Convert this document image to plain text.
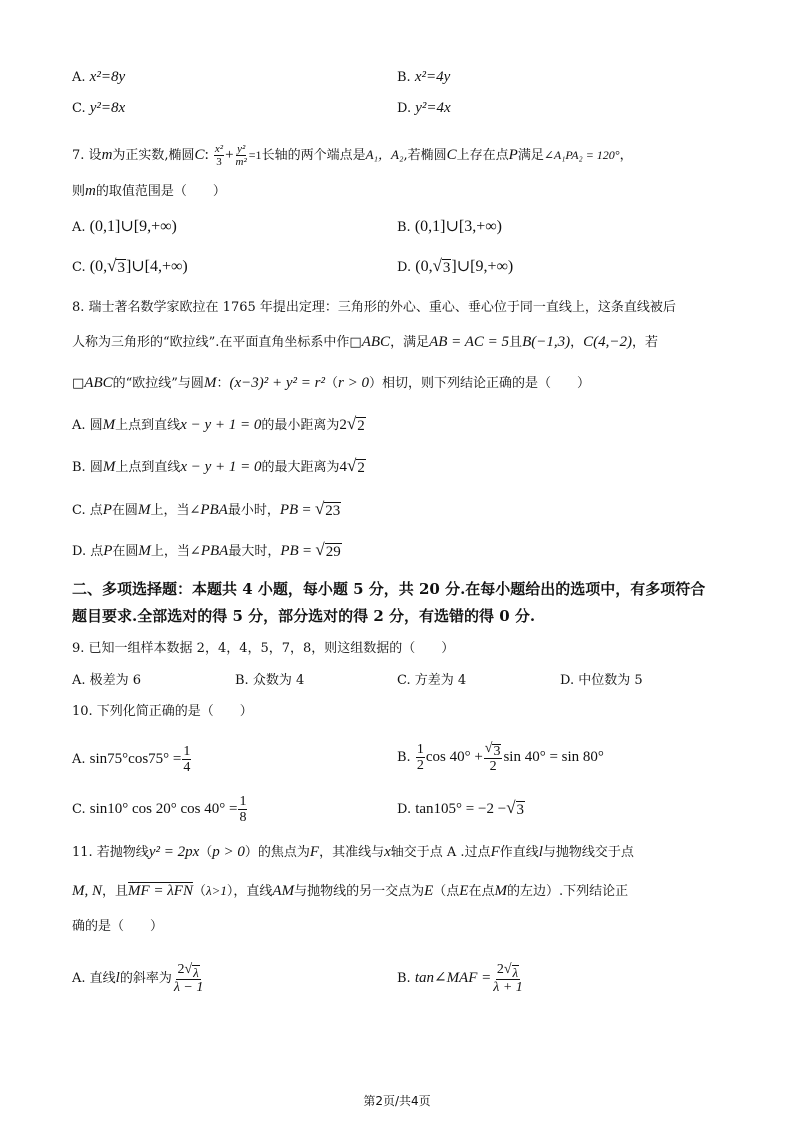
A. x²=8y	B. x²=4y
C. y²=8x	D. y²=4x
7. 设m为正实数,椭圆C: $\frac{\text{x²}}{3} + \frac{\text{y²}}{\text{m²}} =1$长轴的两个端点是A₁，A₂,若椭圆C上存在点P满足∠A₁PA₂ = 120°，
则m的取值范围是（　　）
A. (0,1]∪[9,+∞)	B. (0,1]∪[3,+∞)
C. (0, √ 3 ]∪[4,+∞)	D. (0, √ 3 ]∪[9,+∞)
8. 瑞士著名数学家欧拉在 1765 年提出定理：三角形的外心、重心、垂心位于同一直线上，这条直线被后
人称为三角形的“欧拉线”.在平面直角坐标系中作□ABC，满足AB = AC = 5且B(−1,3)，C(4,−2)，若
□ABC的“欧拉线”与圆M：(x−3)² + y² = r²（r > 0）相切，则下列结论正确的是（　　）
A. 圆M上点到直线x − y + 1 = 0的最小距离为2 √ 2
B. 圆M上点到直线x − y + 1 = 0的最大距离为4 √ 2
C. 点P在圆M上，当∠PBA最小时，PB = √ 23
D. 点P在圆M上，当∠PBA最大时，PB = √ 29
二、多项选择题：本题共 4 小题，每小题 5 分，共 20 分.在每小题给出的选项中，有多项符合
题目要求.全部选对的得 5 分，部分选对的得 2 分，有选错的得 0 分.
9. 已知一组样本数据 2，4，4，5，7，8，则这组数据的（　　）
A. 极差为 6	B. 众数为 4	C. 方差为 4	D. 中位数为 5
10. 下列化简正确的是（　　）
A. $\sin 75^\circ\cos 75^\circ = \frac{1}{4}$	B. $\frac{1}{2}$ $\cos 40^\circ + \frac{√ 3}{2}$ sin 40° = sin 80°
C. sin10° cos 20° $\cos 40^\circ = \frac{1}{8}$	D. tan105° = −2 − √ 3
11. 若抛物线y² = 2px（p > 0）的焦点为F，其准线与x轴交于点 A .过点F作直线l与抛物线交于点
M, N，且MF = λFN（λ>1），直线AM与抛物线的另一交点为E（点E在点M的左边）.下列结论正
确的是（　　）
A. 直线l的斜率为 $\frac{2 √ \lambda}{\lambda - 1}$	B. tan∠MAF = $\frac{2 √ \lambda}{\lambda + 1}$
第2页/共4页
